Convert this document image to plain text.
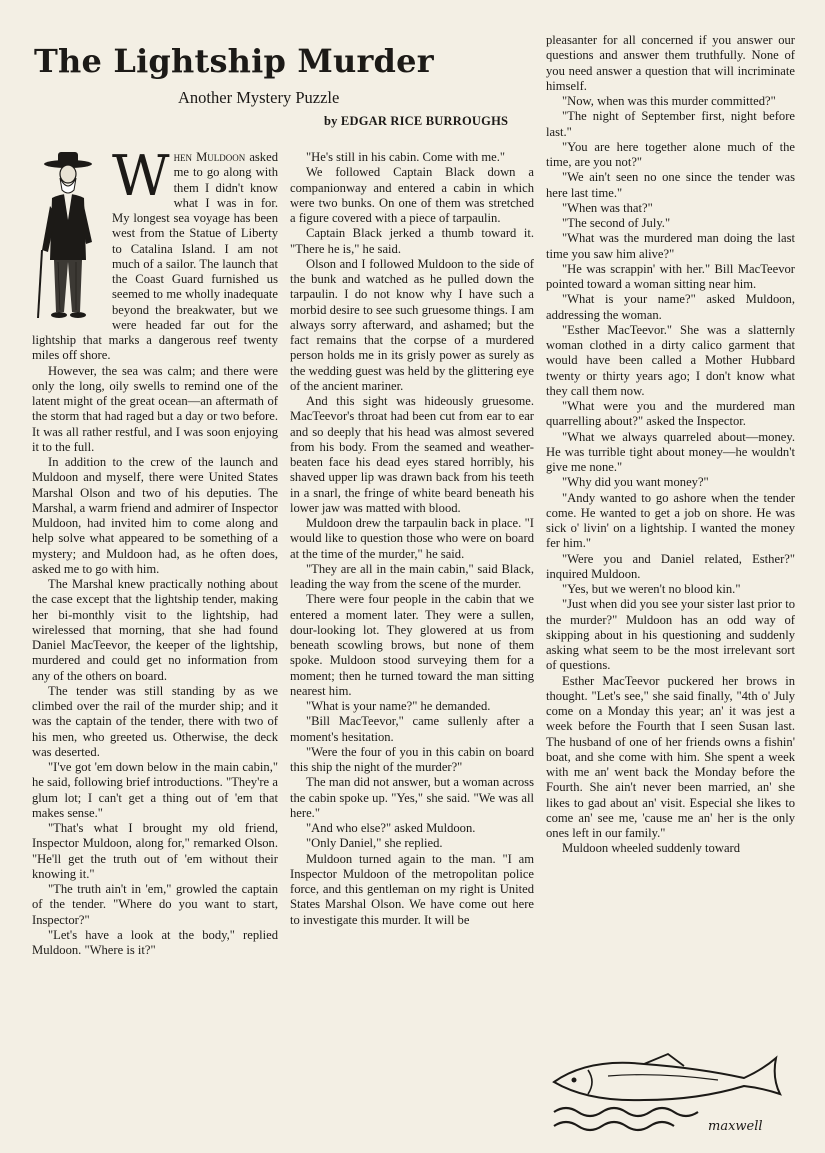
The Lightship Murder
Another Mystery Puzzle
by EDGAR RICE BURROUGHS
W hen Muldoon asked me to go along with them I didn't know what I was in for. My longest sea voyage has been west from the Statue of Liberty to Catalina Island. I am not much of a sailor. The launch that the Coast Guard furnished us seemed to me wholly inadequate beyond the breakwater, but we were headed far out for the lightship that marks a dangerous reef twenty miles off shore.

However, the sea was calm; and there were only the long, oily swells to remind one of the latent might of the great ocean—an aftermath of the storm that had raged but a day or two before. It was all rather restful, and I was soon enjoying it to the full.

In addition to the crew of the launch and Muldoon and myself, there were United States Marshal Olson and two of his deputies. The Marshal, a warm friend and admirer of Inspector Muldoon, had invited him to come along and help solve what appeared to be something of a mystery; and Muldoon had, as he often does, asked me to go with him.

The Marshal knew practically nothing about the case except that the lightship tender, making her bi-monthly visit to the lightship, had wirelessed that morning, that she had found Daniel MacTeevor, the keeper of the lightship, murdered and could get no information from any of the others on board.

The tender was still standing by as we climbed over the rail of the murder ship; and it was the captain of the tender, there with two of his men, who greeted us. Otherwise, the deck was deserted.

"I've got 'em down below in the main cabin," he said, following brief introductions. "They're a glum lot; I can't get a thing out of 'em that makes sense."

"That's what I brought my old friend, Inspector Muldoon, along for," remarked Olson. "He'll get the truth out of 'em without their knowing it."

"The truth ain't in 'em," growled the captain of the tender. "Where do you want to start, Inspector?"

"Let's have a look at the body," replied Muldoon. "Where is it?"

"He's still in his cabin. Come with me."

We followed Captain Black down a companionway and entered a cabin in which were two bunks. On one of them was stretched a figure covered with a piece of tarpaulin.

Captain Black jerked a thumb toward it. "There he is," he said.

Olson and I followed Muldoon to the side of the bunk and watched as he pulled down the tarpaulin. I do not know why I have such a morbid desire to see such gruesome things. I am always sorry afterward, and ashamed; but the fact remains that the corpse of a murdered person holds me in its grisly power as surely as the wedding guest was held by the glittering eye of the ancient mariner.

And this sight was hideously gruesome. MacTeevor's throat had been cut from ear to ear and so deeply that his head was almost severed from his body. From the seamed and weather-beaten face his dead eyes stared horribly, his shaved upper lip was drawn back from his teeth in a snarl, the fringe of white beard beneath his lower jaw was matted with blood.

Muldoon drew the tarpaulin back in place. "I would like to question those who were on board at the time of the murder," he said.

"They are all in the main cabin," said Black, leading the way from the scene of the murder.

There were four people in the cabin that we entered a moment later. They were a sullen, dour-looking lot. They glowered at us from beneath scowling brows, but none of them spoke. Muldoon stood surveying them for a moment; then he turned toward the man sitting nearest him.

"What is your name?" he demanded.

"Bill MacTeevor," came sullenly after a moment's hesitation.

"Were the four of you in this cabin on board this ship the night of the murder?"

The man did not answer, but a woman across the cabin spoke up. "Yes," she said. "We was all here."

"And who else?" asked Muldoon.

"Only Daniel," she replied.

Muldoon turned again to the man. "I am Inspector Muldoon of the metropolitan police force, and this gentleman on my right is United States Marshal Olson. We have come out here to investigate this murder. It will be

pleasanter for all concerned if you answer our questions and answer them truthfully. None of you need answer a question that will incriminate himself.

"Now, when was this murder committed?"

"The night of September first, night before last."

"You are here together alone much of the time, are you not?"

"We ain't seen no one since the tender was here last time."

"When was that?"

"The second of July."

"What was the murdered man doing the last time you saw him alive?"

"He was scrappin' with her." Bill MacTeevor pointed toward a woman sitting near him.

"What is your name?" asked Muldoon, addressing the woman.

"Esther MacTeevor." She was a slatternly woman clothed in a dirty calico garment that would have been called a Mother Hubbard twenty or thirty years ago; I don't know what they call them now.

"What were you and the murdered man quarrelling about?" asked the Inspector.

"What we always quarreled about—money. He was turrible tight about money—he wouldn't give me none."

"Why did you want money?"

"Andy wanted to go ashore when the tender come. He wanted to get a job on shore. He was sick o' livin' on a lightship. I wanted the money fer him."

"Were you and Daniel related, Esther?" inquired Muldoon.

"Yes, but we weren't no blood kin."

"Just when did you see your sister last prior to the murder?" Muldoon has an odd way of skipping about in his questioning and suddenly asking what seem to be the most irrelevant sort of questions.

Esther MacTeevor puckered her brows in thought. "Let's see," she said finally, "4th o' July come on a Monday this year; an' it was jest a week before the Fourth that I seen Susan last. The husband of one of her friends owns a fishin' boat, and she come with him. She spent a week with me an' went back the Monday before the Fourth. She ain't never been married, an' she likes to gad about an' visit. Especial she likes to come an' see me, 'cause me an' her is the only ones left in our family."

Muldoon wheeled suddenly toward

maxwell
